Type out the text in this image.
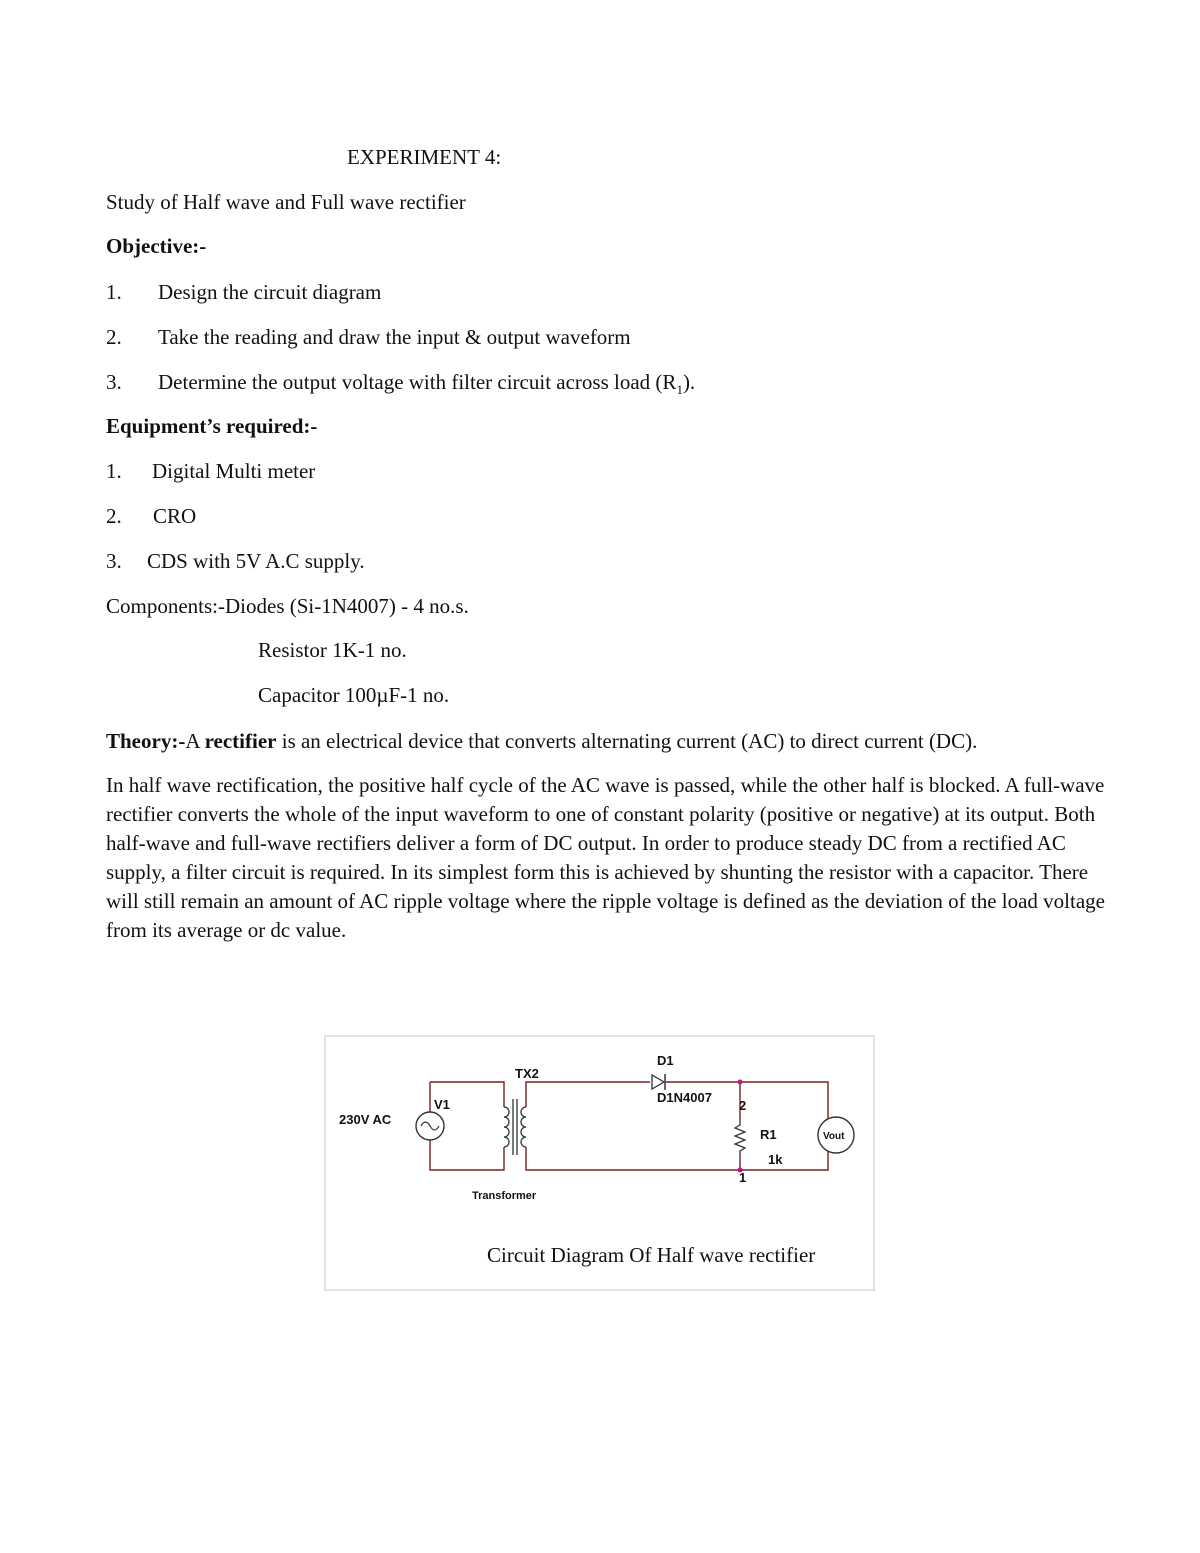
EXPERIMENT 4:
Study of Half wave and Full wave rectifier
Objective:-
1. Design the circuit diagram
2. Take the reading and draw the input & output waveform
3. Determine the output voltage with filter circuit across load $(R_1)$.
Equipment’s required:-
1. Digital Multi meter
2. CRO
3. CDS with 5V A.C supply.
Components:-Diodes (Si-1N4007) - 4 no.s.
Resistor 1K-1 no.
Capacitor 100µF-1 no.
Theory:-A rectifier is an electrical device that converts alternating current (AC) to direct current (DC).
In half wave rectification, the positive half cycle of the AC wave is passed, while the other half is blocked. A full-wave rectifier converts the whole of the input waveform to one of constant polarity (positive or negative) at its output. Both half-wave and full-wave rectifiers deliver a form of DC output. In order to produce steady DC from a rectified AC supply, a filter circuit is required. In its simplest form this is achieved by shunting the resistor with a capacitor. There will still remain an amount of AC ripple voltage where the ripple voltage is defined as the deviation of the load voltage from its average or dc value.
230V AC
V1
TX2
Transformer
D1
D1N4007
2
1
R1
1k
Vout
Circuit Diagram Of Half wave rectifier
